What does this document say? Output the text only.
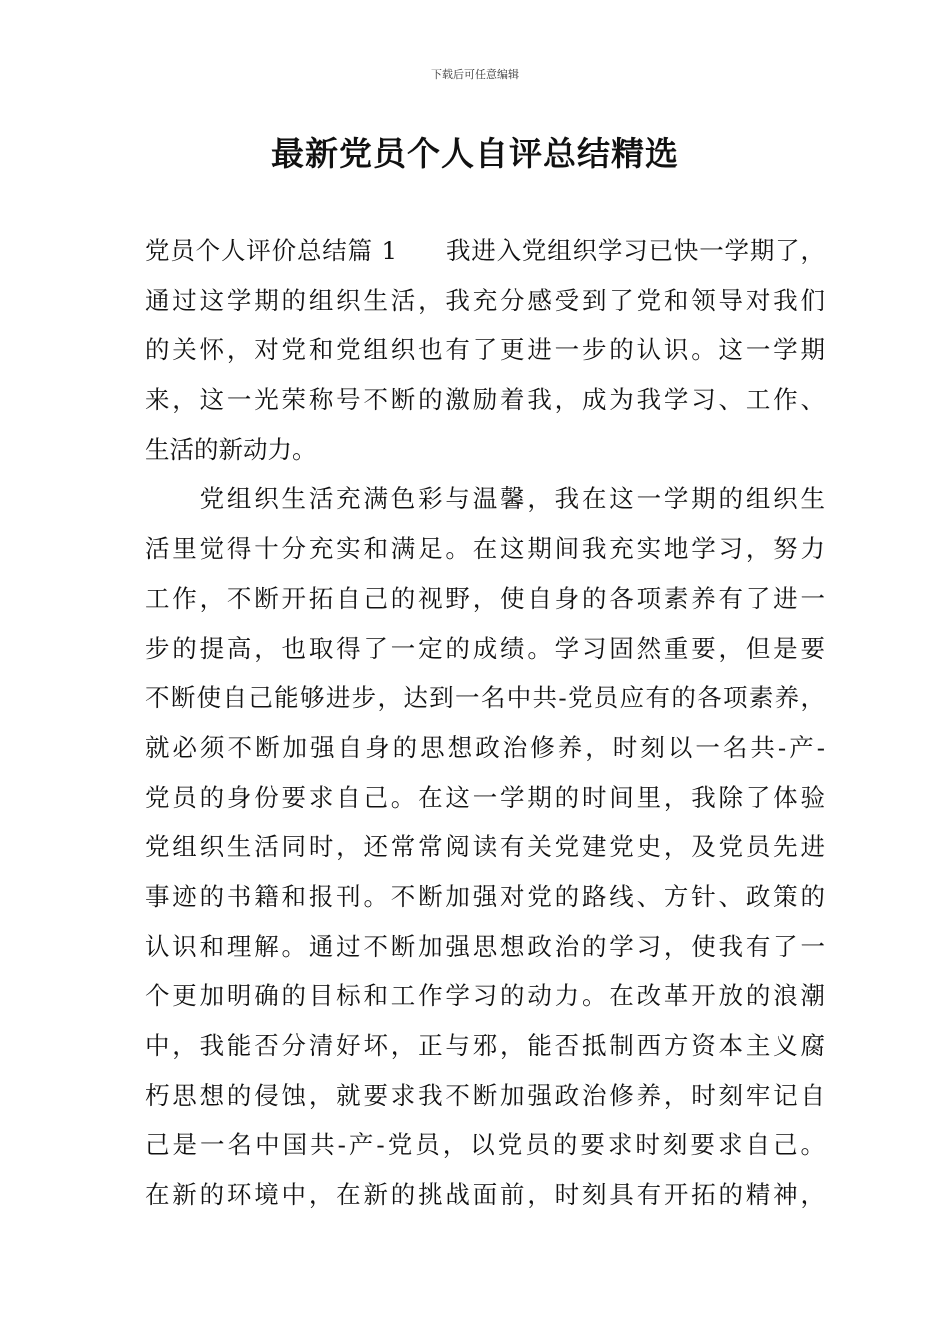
下载后可任意编辑
最新党员个人自评总结精选
党员个人评价总结篇 1 我进入党组织学习已快一学期了，
通过这学期的组织生活，我充分感受到了党和领导对我们
的关怀，对党和党组织也有了更进一步的认识。这一学期
来，这一光荣称号不断的激励着我，成为我学习、工作、
生活的新动力。
　　党组织生活充满色彩与温馨，我在这一学期的组织生
活里觉得十分充实和满足。在这期间我充实地学习，努力
工作，不断开拓自己的视野，使自身的各项素养有了进一
步的提高，也取得了一定的成绩。学习固然重要，但是要
不断使自己能够进步，达到一名中共-党员应有的各项素养，
就必须不断加强自身的思想政治修养，时刻以一名共-产-
党员的身份要求自己。在这一学期的时间里，我除了体验
党组织生活同时，还常常阅读有关党建党史，及党员先进
事迹的书籍和报刊。不断加强对党的路线、方针、政策的
认识和理解。通过不断加强思想政治的学习，使我有了一
个更加明确的目标和工作学习的动力。在改革开放的浪潮
中，我能否分清好坏，正与邪，能否抵制西方资本主义腐
朽思想的侵蚀，就要求我不断加强政治修养，时刻牢记自
己是一名中国共-产-党员，以党员的要求时刻要求自己。
在新的环境中，在新的挑战面前，时刻具有开拓的精神，
